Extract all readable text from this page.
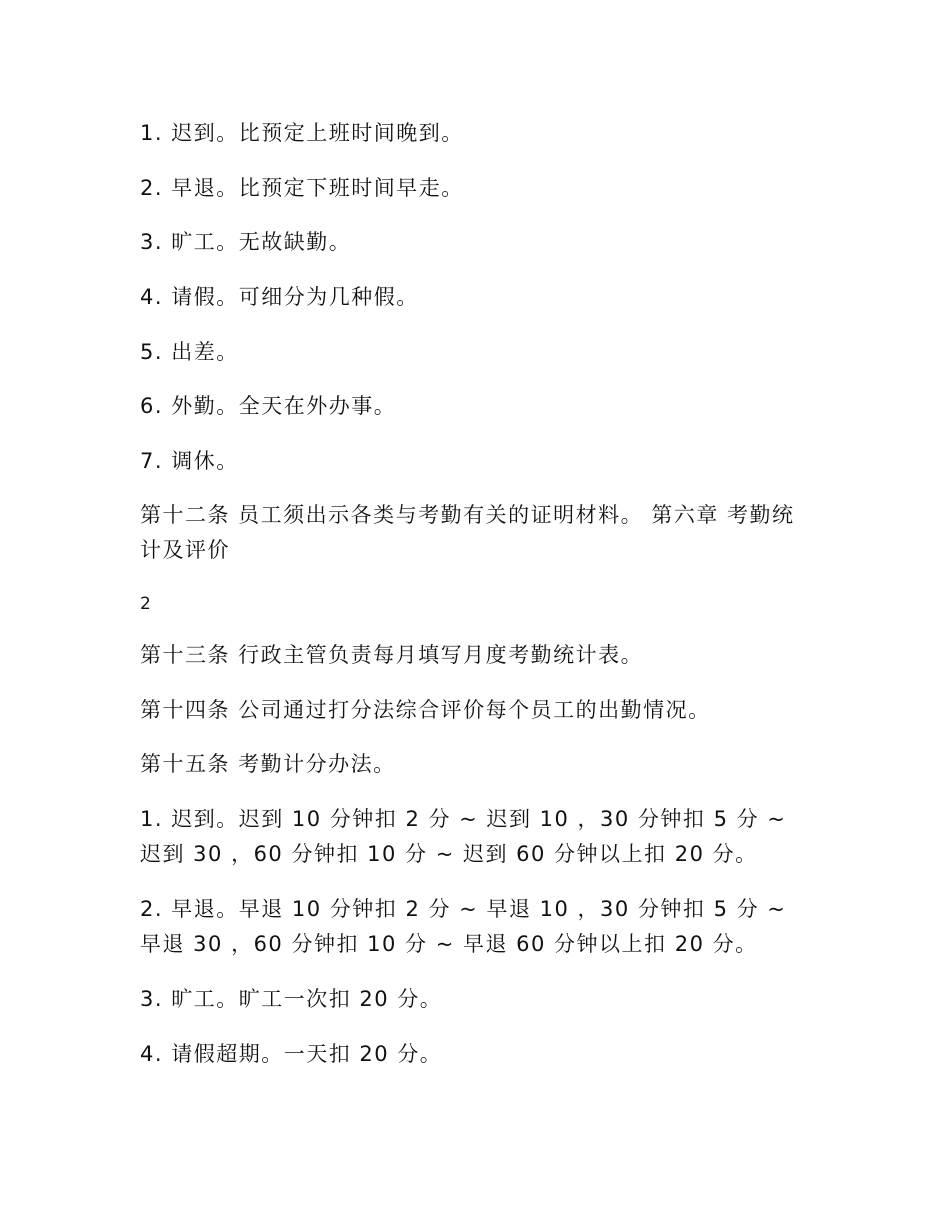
1. 迟到。比预定上班时间晚到。

2. 早退。比预定下班时间早走。

3. 旷工。无故缺勤。

4. 请假。可细分为几种假。

5. 出差。

6. 外勤。全天在外办事。

7. 调休。

第十二条 员工须出示各类与考勤有关的证明材料。 第六章 考勤统计及评价

2

第十三条 行政主管负责每月填写月度考勤统计表。

第十四条 公司通过打分法综合评价每个员工的出勤情况。

第十五条 考勤计分办法。

1. 迟到。迟到 10 分钟扣 2 分 ~ 迟到 10 ，30 分钟扣 5 分 ~ 迟到 30 ，60 分钟扣 10 分 ~ 迟到 60 分钟以上扣 20 分。

2. 早退。早退 10 分钟扣 2 分 ~ 早退 10 ，30 分钟扣 5 分 ~ 早退 30 ，60 分钟扣 10 分 ~ 早退 60 分钟以上扣 20 分。

3. 旷工。旷工一次扣 20 分。

4. 请假超期。一天扣 20 分。
